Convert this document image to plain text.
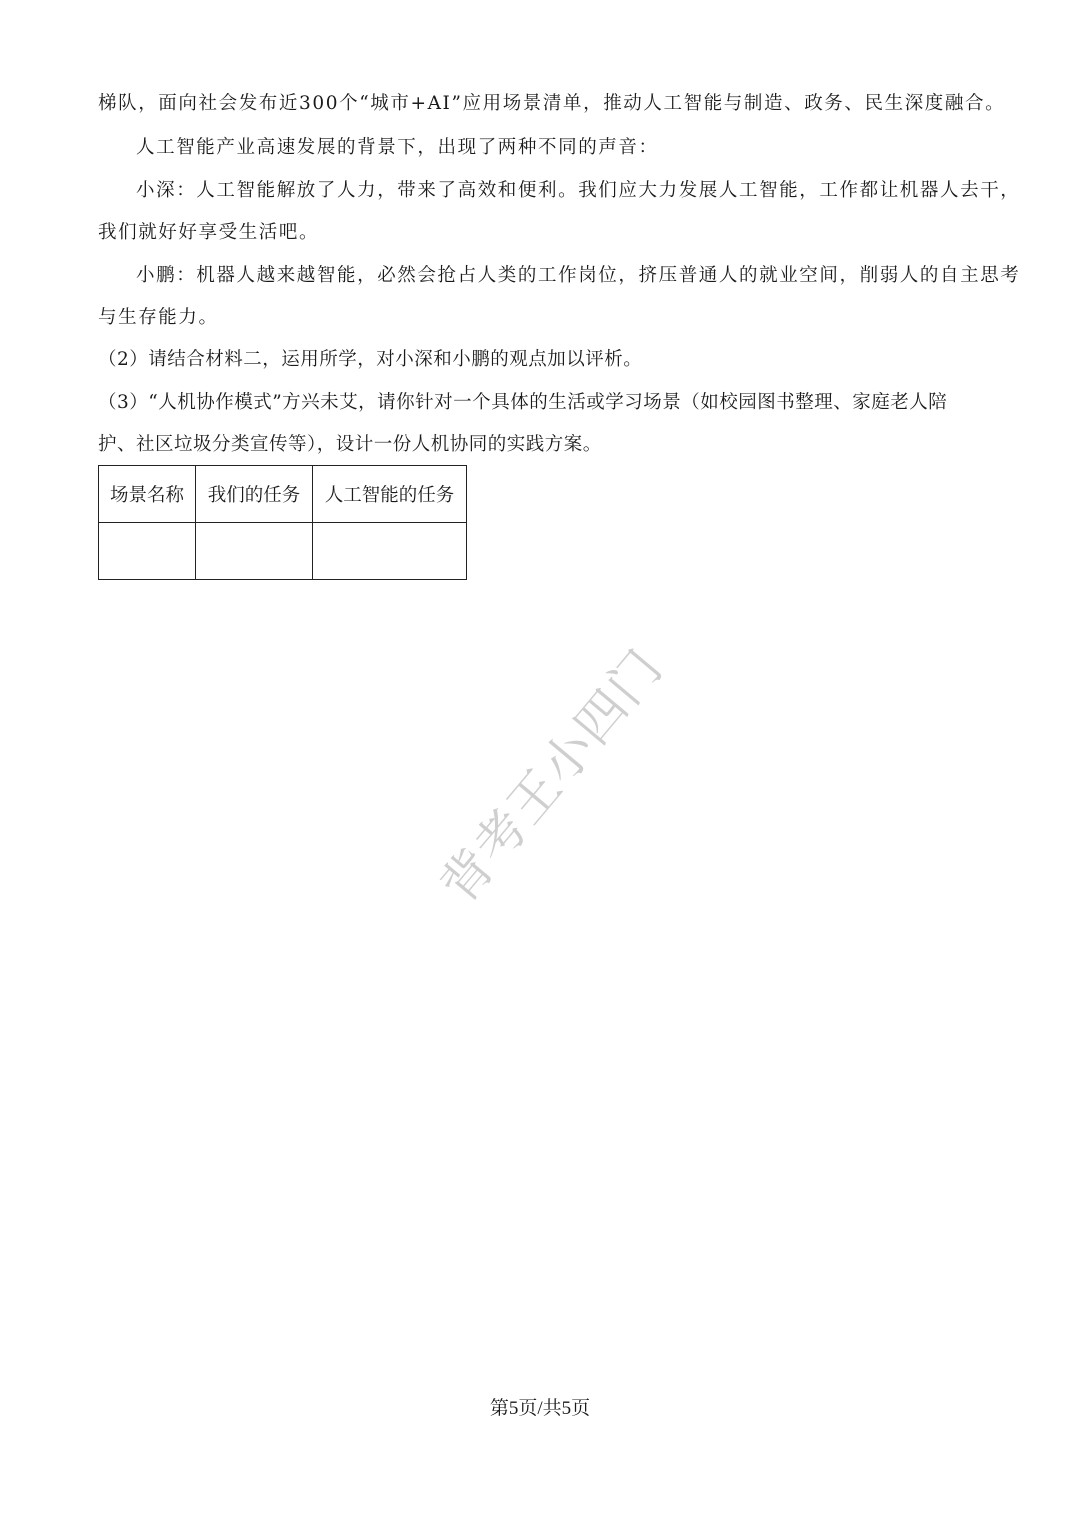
梯队，面向社会发布近300个“城市+AI”应用场景清单，推动人工智能与制造、政务、民生深度融合。
人工智能产业高速发展的背景下，出现了两种不同的声音：
小深：人工智能解放了人力，带来了高效和便利。我们应大力发展人工智能，工作都让机器人去干，
我们就好好享受生活吧。
小鹏：机器人越来越智能，必然会抢占人类的工作岗位，挤压普通人的就业空间，削弱人的自主思考
与生存能力。
（2）请结合材料二，运用所学，对小深和小鹏的观点加以评析。
（3）“人机协作模式”方兴未艾，请你针对一个具体的生活或学习场景（如校园图书整理、家庭老人陪
护、社区垃圾分类宣传等），设计一份人机协同的实践方案。
场景名称	我们的任务	人工智能的任务

背考王小四门
第5页/共5页
